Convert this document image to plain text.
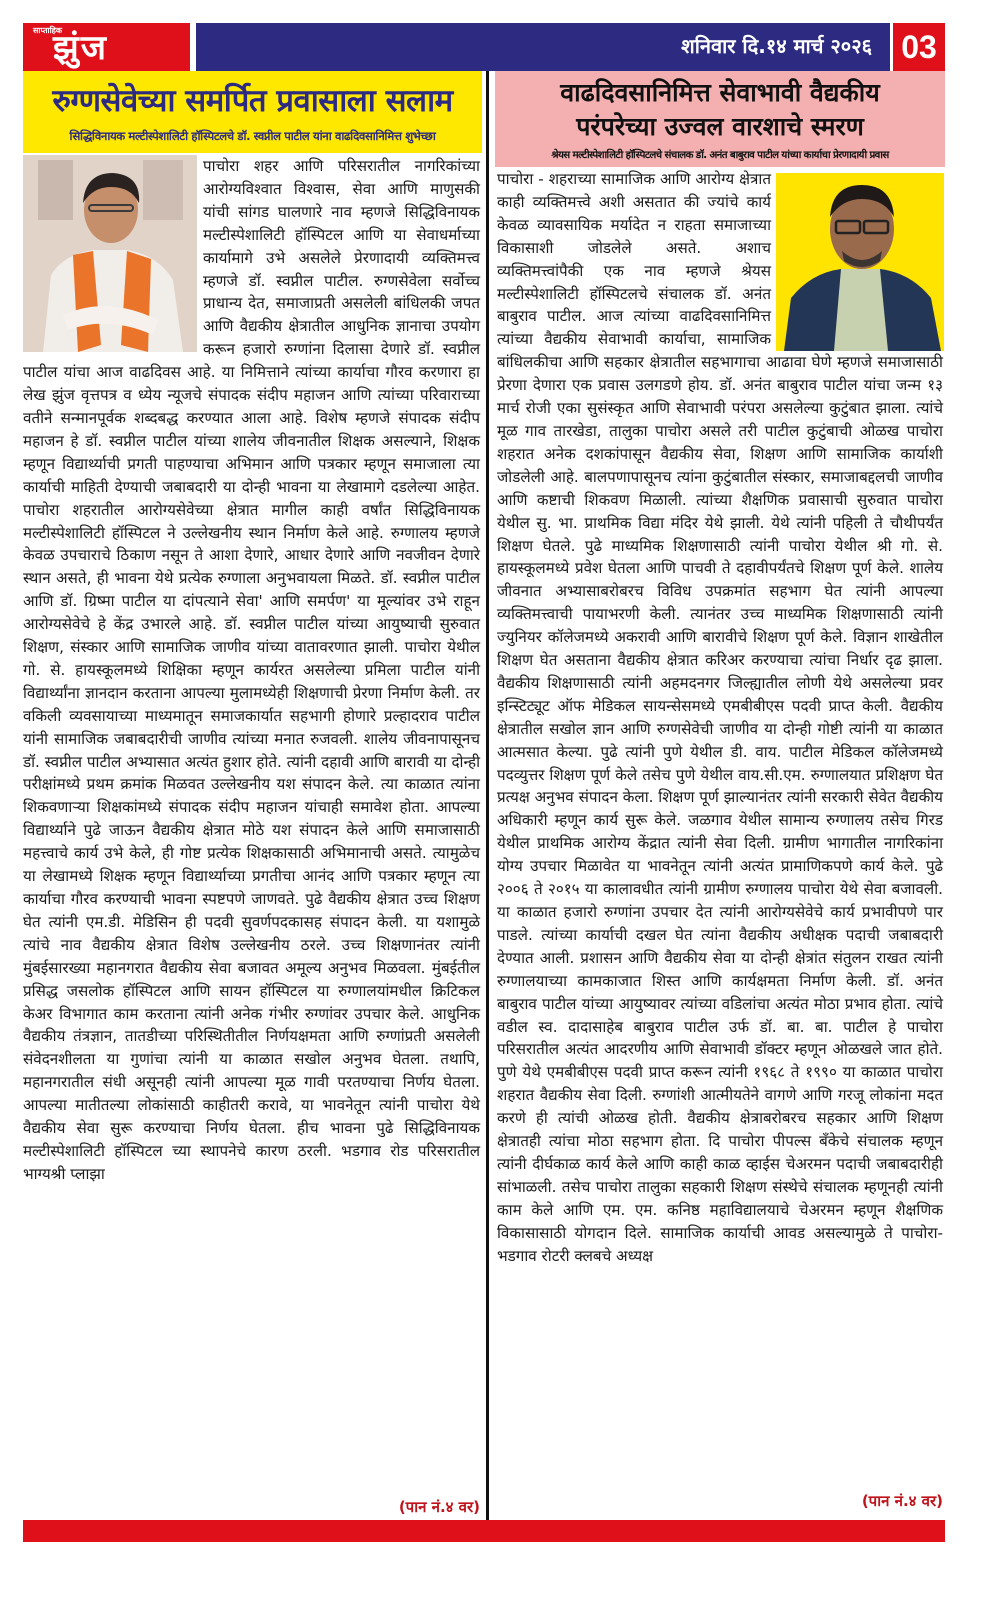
साप्ताहिक
झुंज	शनिवार दि.१४ मार्च २०२६ 03
रुग्णसेवेच्या समर्पित प्रवासाला सलाम
सिद्धिविनायक मल्टीस्पेशालिटी हॉस्पिटलचे डॉ. स्वप्नील पाटील यांना वाढदिवसानिमित्त शुभेच्छा
वाढदिवसानिमित्त सेवाभावी वैद्यकीय
परंपरेच्या उज्वल वारशाचे स्मरण
श्रेयस मल्टीस्पेशालिटी हॉस्पिटलचे संचालक डॉ. अनंत बाबुराव पाटील यांच्या कार्याचा प्रेरणादायी प्रवास

पाचोरा शहर आणि परिसरातील नागरिकांच्या आरोग्यविश्वात विश्वास, सेवा आणि माणुसकी यांची सांगड घालणारे नाव म्हणजे सिद्धिविनायक मल्टीस्पेशालिटी हॉस्पिटल आणि या सेवाधर्माच्या कार्यामागे उभे असलेले प्रेरणादायी व्यक्तिमत्त्व म्हणजे डॉ. स्वप्नील पाटील. रुग्णसेवेला सर्वोच्च प्राधान्य देत, समाजाप्रती असलेली बांधिलकी जपत आणि वैद्यकीय क्षेत्रातील आधुनिक ज्ञानाचा उपयोग करून हजारो रुग्णांना दिलासा देणारे डॉ. स्वप्नील पाटील यांचा आज वाढदिवस आहे. या निमित्ताने त्यांच्या कार्याचा गौरव करणारा हा लेख झुंज वृत्तपत्र व ध्येय न्यूजचे संपादक संदीप महाजन आणि त्यांच्या परिवाराच्या वतीने सन्मानपूर्वक शब्दबद्ध करण्यात आला आहे. विशेष म्हणजे संपादक संदीप महाजन हे डॉ. स्वप्नील पाटील यांच्या शालेय जीवनातील शिक्षक असल्याने, शिक्षक म्हणून विद्यार्थ्याची प्रगती पाहण्याचा अभिमान आणि पत्रकार म्हणून समाजाला त्या कार्याची माहिती देण्याची जबाबदारी या दोन्ही भावना या लेखामागे दडलेल्या आहेत. पाचोरा शहरातील आरोग्यसेवेच्या क्षेत्रात मागील काही वर्षांत सिद्धिविनायक मल्टीस्पेशालिटी हॉस्पिटल ने उल्लेखनीय स्थान निर्माण केले आहे. रुग्णालय म्हणजे केवळ उपचाराचे ठिकाण नसून ते आशा देणारे, आधार देणारे आणि नवजीवन देणारे स्थान असते, ही भावना येथे प्रत्येक रुग्णाला अनुभवायला मिळते. डॉ. स्वप्नील पाटील आणि डॉ. ग्रिष्मा पाटील या दांपत्याने सेवा' आणि समर्पण' या मूल्यांवर उभे राहून आरोग्यसेवेचे हे केंद्र उभारले आहे. डॉ. स्वप्नील पाटील यांच्या आयुष्याची सुरुवात शिक्षण, संस्कार आणि सामाजिक जाणीव यांच्या वातावरणात झाली. पाचोरा येथील गो. से. हायस्कूलमध्ये शिक्षिका म्हणून कार्यरत असलेल्या प्रमिला पाटील यांनी विद्यार्थ्यांना ज्ञानदान करताना आपल्या मुलामध्येही शिक्षणाची प्रेरणा निर्माण केली. तर वकिली व्यवसायाच्या माध्यमातून समाजकार्यात सहभागी होणारे प्रल्हादराव पाटील यांनी सामाजिक जबाबदारीची जाणीव त्यांच्या मनात रुजवली. शालेय जीवनापासूनच डॉ. स्वप्नील पाटील अभ्यासात अत्यंत हुशार होते. त्यांनी दहावी आणि बारावी या दोन्ही परीक्षांमध्ये प्रथम क्रमांक मिळवत उल्लेखनीय यश संपादन केले. त्या काळात त्यांना शिकवणाऱ्या शिक्षकांमध्ये संपादक संदीप महाजन यांचाही समावेश होता. आपल्या विद्यार्थ्याने पुढे जाऊन वैद्यकीय क्षेत्रात मोठे यश संपादन केले आणि समाजासाठी महत्त्वाचे कार्य उभे केले, ही गोष्ट प्रत्येक शिक्षकासाठी अभिमानाची असते. त्यामुळेच या लेखामध्ये शिक्षक म्हणून विद्यार्थ्याच्या प्रगतीचा आनंद आणि पत्रकार म्हणून त्या कार्याचा गौरव करण्याची भावना स्पष्टपणे जाणवते. पुढे वैद्यकीय क्षेत्रात उच्च शिक्षण घेत त्यांनी एम.डी. मेडिसिन ही पदवी सुवर्णपदकासह संपादन केली. या यशामुळे त्यांचे नाव वैद्यकीय क्षेत्रात विशेष उल्लेखनीय ठरले. उच्च शिक्षणानंतर त्यांनी मुंबईसारख्या महानगरात वैद्यकीय सेवा बजावत अमूल्य अनुभव मिळवला. मुंबईतील प्रसिद्ध जसलोक हॉस्पिटल आणि सायन हॉस्पिटल या रुग्णालयांमधील क्रिटिकल केअर विभागात काम करताना त्यांनी अनेक गंभीर रुग्णांवर उपचार केले. आधुनिक वैद्यकीय तंत्रज्ञान, तातडीच्या परिस्थितीतील निर्णयक्षमता आणि रुग्णांप्रती असलेली संवेदनशीलता या गुणांचा त्यांनी या काळात सखोल अनुभव घेतला. तथापि, महानगरातील संधी असूनही त्यांनी आपल्या मूळ गावी परतण्याचा निर्णय घेतला. आपल्या मातीतल्या लोकांसाठी काहीतरी करावे, या भावनेतून त्यांनी पाचोरा येथे वैद्यकीय सेवा सुरू करण्याचा निर्णय घेतला. हीच भावना पुढे सिद्धिविनायक मल्टीस्पेशालिटी हॉस्पिटल च्या स्थापनेचे कारण ठरली. भडगाव रोड परिसरातील भाग्यश्री प्लाझा

(पान नं.४ वर)

पाचोरा - शहराच्या सामाजिक आणि आरोग्य क्षेत्रात काही व्यक्तिमत्त्वे अशी असतात की ज्यांचे कार्य केवळ व्यावसायिक मर्यादेत न राहता समाजाच्या विकासाशी जोडलेले असते. अशाच व्यक्तिमत्त्वांपैकी एक नाव म्हणजे श्रेयस मल्टीस्पेशालिटी हॉस्पिटलचे संचालक डॉ. अनंत बाबुराव पाटील. आज त्यांच्या वाढदिवसानिमित्त त्यांच्या वैद्यकीय सेवाभावी कार्याचा, सामाजिक बांधिलकीचा आणि सहकार क्षेत्रातील सहभागाचा आढावा घेणे म्हणजे समाजासाठी प्रेरणा देणारा एक प्रवास उलगडणे होय. डॉ. अनंत बाबुराव पाटील यांचा जन्म १३ मार्च रोजी एका सुसंस्कृत आणि सेवाभावी परंपरा असलेल्या कुटुंबात झाला. त्यांचे मूळ गाव तारखेडा, तालुका पाचोरा असले तरी पाटील कुटुंबाची ओळख पाचोरा शहरात अनेक दशकांपासून वैद्यकीय सेवा, शिक्षण आणि सामाजिक कार्याशी जोडलेली आहे. बालपणापासूनच त्यांना कुटुंबातील संस्कार, समाजाबद्दलची जाणीव आणि कष्टाची शिकवण मिळाली. त्यांच्या शैक्षणिक प्रवासाची सुरुवात पाचोरा येथील सु. भा. प्राथमिक विद्या मंदिर येथे झाली. येथे त्यांनी पहिली ते चौथीपर्यंत शिक्षण घेतले. पुढे माध्यमिक शिक्षणासाठी त्यांनी पाचोरा येथील श्री गो. से. हायस्कूलमध्ये प्रवेश घेतला आणि पाचवी ते दहावीपर्यंतचे शिक्षण पूर्ण केले. शालेय जीवनात अभ्यासाबरोबरच विविध उपक्रमांत सहभाग घेत त्यांनी आपल्या व्यक्तिमत्त्वाची पायाभरणी केली. त्यानंतर उच्च माध्यमिक शिक्षणासाठी त्यांनी ज्युनियर कॉलेजमध्ये अकरावी आणि बारावीचे शिक्षण पूर्ण केले. विज्ञान शाखेतील शिक्षण घेत असताना वैद्यकीय क्षेत्रात करिअर करण्याचा त्यांचा निर्धार दृढ झाला. वैद्यकीय शिक्षणासाठी त्यांनी अहमदनगर जिल्ह्यातील लोणी येथे असलेल्या प्रवर इन्स्टिट्यूट ऑफ मेडिकल सायन्सेसमध्ये एमबीबीएस पदवी प्राप्त केली. वैद्यकीय क्षेत्रातील सखोल ज्ञान आणि रुग्णसेवेची जाणीव या दोन्ही गोष्टी त्यांनी या काळात आत्मसात केल्या. पुढे त्यांनी पुणे येथील डी. वाय. पाटील मेडिकल कॉलेजमध्ये पदव्युत्तर शिक्षण पूर्ण केले तसेच पुणे येथील वाय.सी.एम. रुग्णालयात प्रशिक्षण घेत प्रत्यक्ष अनुभव संपादन केला. शिक्षण पूर्ण झाल्यानंतर त्यांनी सरकारी सेवेत वैद्यकीय अधिकारी म्हणून कार्य सुरू केले. जळगाव येथील सामान्य रुग्णालय तसेच गिरड येथील प्राथमिक आरोग्य केंद्रात त्यांनी सेवा दिली. ग्रामीण भागातील नागरिकांना योग्य उपचार मिळावेत या भावनेतून त्यांनी अत्यंत प्रामाणिकपणे कार्य केले. पुढे २००६ ते २०१५ या कालावधीत त्यांनी ग्रामीण रुग्णालय पाचोरा येथे सेवा बजावली. या काळात हजारो रुग्णांना उपचार देत त्यांनी आरोग्यसेवेचे कार्य प्रभावीपणे पार पाडले. त्यांच्या कार्याची दखल घेत त्यांना वैद्यकीय अधीक्षक पदाची जबाबदारी देण्यात आली. प्रशासन आणि वैद्यकीय सेवा या दोन्ही क्षेत्रांत संतुलन राखत त्यांनी रुग्णालयाच्या कामकाजात शिस्त आणि कार्यक्षमता निर्माण केली. डॉ. अनंत बाबुराव पाटील यांच्या आयुष्यावर त्यांच्या वडिलांचा अत्यंत मोठा प्रभाव होता. त्यांचे वडील स्व. दादासाहेब बाबुराव पाटील उर्फ डॉ. बा. बा. पाटील हे पाचोरा परिसरातील अत्यंत आदरणीय आणि सेवाभावी डॉक्टर म्हणून ओळखले जात होते. पुणे येथे एमबीबीएस पदवी प्राप्त करून त्यांनी १९६८ ते १९९० या काळात पाचोरा शहरात वैद्यकीय सेवा दिली. रुग्णांशी आत्मीयतेने वागणे आणि गरजू लोकांना मदत करणे ही त्यांची ओळख होती. वैद्यकीय क्षेत्राबरोबरच सहकार आणि शिक्षण क्षेत्रातही त्यांचा मोठा सहभाग होता. दि पाचोरा पीपल्स बँकेचे संचालक म्हणून त्यांनी दीर्घकाळ कार्य केले आणि काही काळ व्हाईस चेअरमन पदाची जबाबदारीही सांभाळली. तसेच पाचोरा तालुका सहकारी शिक्षण संस्थेचे संचालक म्हणूनही त्यांनी काम केले आणि एम. एम. कनिष्ठ महाविद्यालयाचे चेअरमन म्हणून शैक्षणिक विकासासाठी योगदान दिले. सामाजिक कार्याची आवड असल्यामुळे ते पाचोरा-भडगाव रोटरी क्लबचे अध्यक्ष

(पान नं.४ वर)
